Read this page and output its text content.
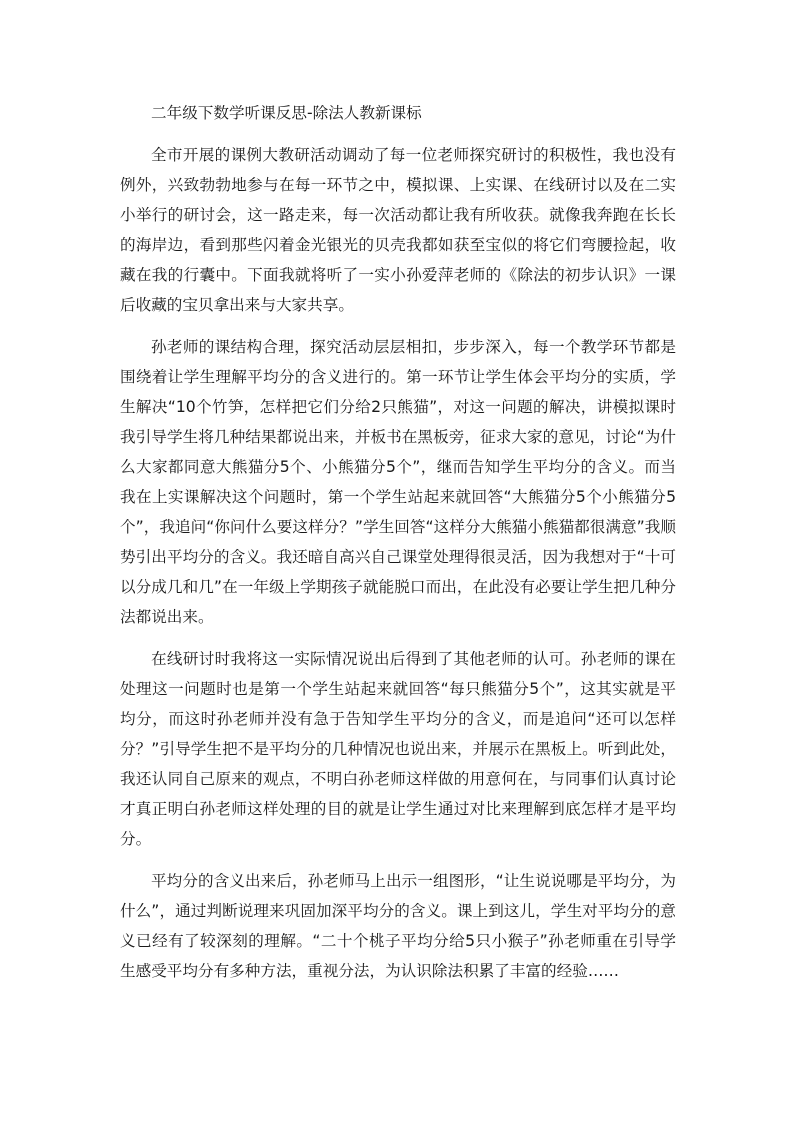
二年级下数学听课反思-除法人教新课标

全市开展的课例大教研活动调动了每一位老师探究研讨的积极性，我也没有例外，兴致勃勃地参与在每一环节之中，模拟课、上实课、在线研讨以及在二实小举行的研讨会，这一路走来，每一次活动都让我有所收获。就像我奔跑在长长的海岸边，看到那些闪着金光银光的贝壳我都如获至宝似的将它们弯腰捡起，收藏在我的行囊中。下面我就将听了一实小孙爱萍老师的《除法的初步认识》一课后收藏的宝贝拿出来与大家共享。

孙老师的课结构合理，探究活动层层相扣，步步深入，每一个教学环节都是围绕着让学生理解平均分的含义进行的。第一环节让学生体会平均分的实质，学生解决“10个竹笋，怎样把它们分给2只熊猫”，对这一问题的解决，讲模拟课时我引导学生将几种结果都说出来，并板书在黑板旁，征求大家的意见，讨论“为什么大家都同意大熊猫分5个、小熊猫分5个”，继而告知学生平均分的含义。而当我在上实课解决这个问题时，第一个学生站起来就回答“大熊猫分5个小熊猫分5个”，我追问“你问什么要这样分？”学生回答“这样分大熊猫小熊猫都很满意”我顺势引出平均分的含义。我还暗自高兴自己课堂处理得很灵活，因为我想对于“十可以分成几和几”在一年级上学期孩子就能脱口而出，在此没有必要让学生把几种分法都说出来。

在线研讨时我将这一实际情况说出后得到了其他老师的认可。孙老师的课在处理这一问题时也是第一个学生站起来就回答“每只熊猫分5个”，这其实就是平均分，而这时孙老师并没有急于告知学生平均分的含义，而是追问“还可以怎样分？”引导学生把不是平均分的几种情况也说出来，并展示在黑板上。听到此处，我还认同自己原来的观点，不明白孙老师这样做的用意何在，与同事们认真讨论才真正明白孙老师这样处理的目的就是让学生通过对比来理解到底怎样才是平均分。

平均分的含义出来后，孙老师马上出示一组图形，“让生说说哪是平均分，为什么”，通过判断说理来巩固加深平均分的含义。课上到这儿，学生对平均分的意义已经有了较深刻的理解。“二十个桃子平均分给5只小猴子”孙老师重在引导学生感受平均分有多种方法，重视分法，为认识除法积累了丰富的经验……
